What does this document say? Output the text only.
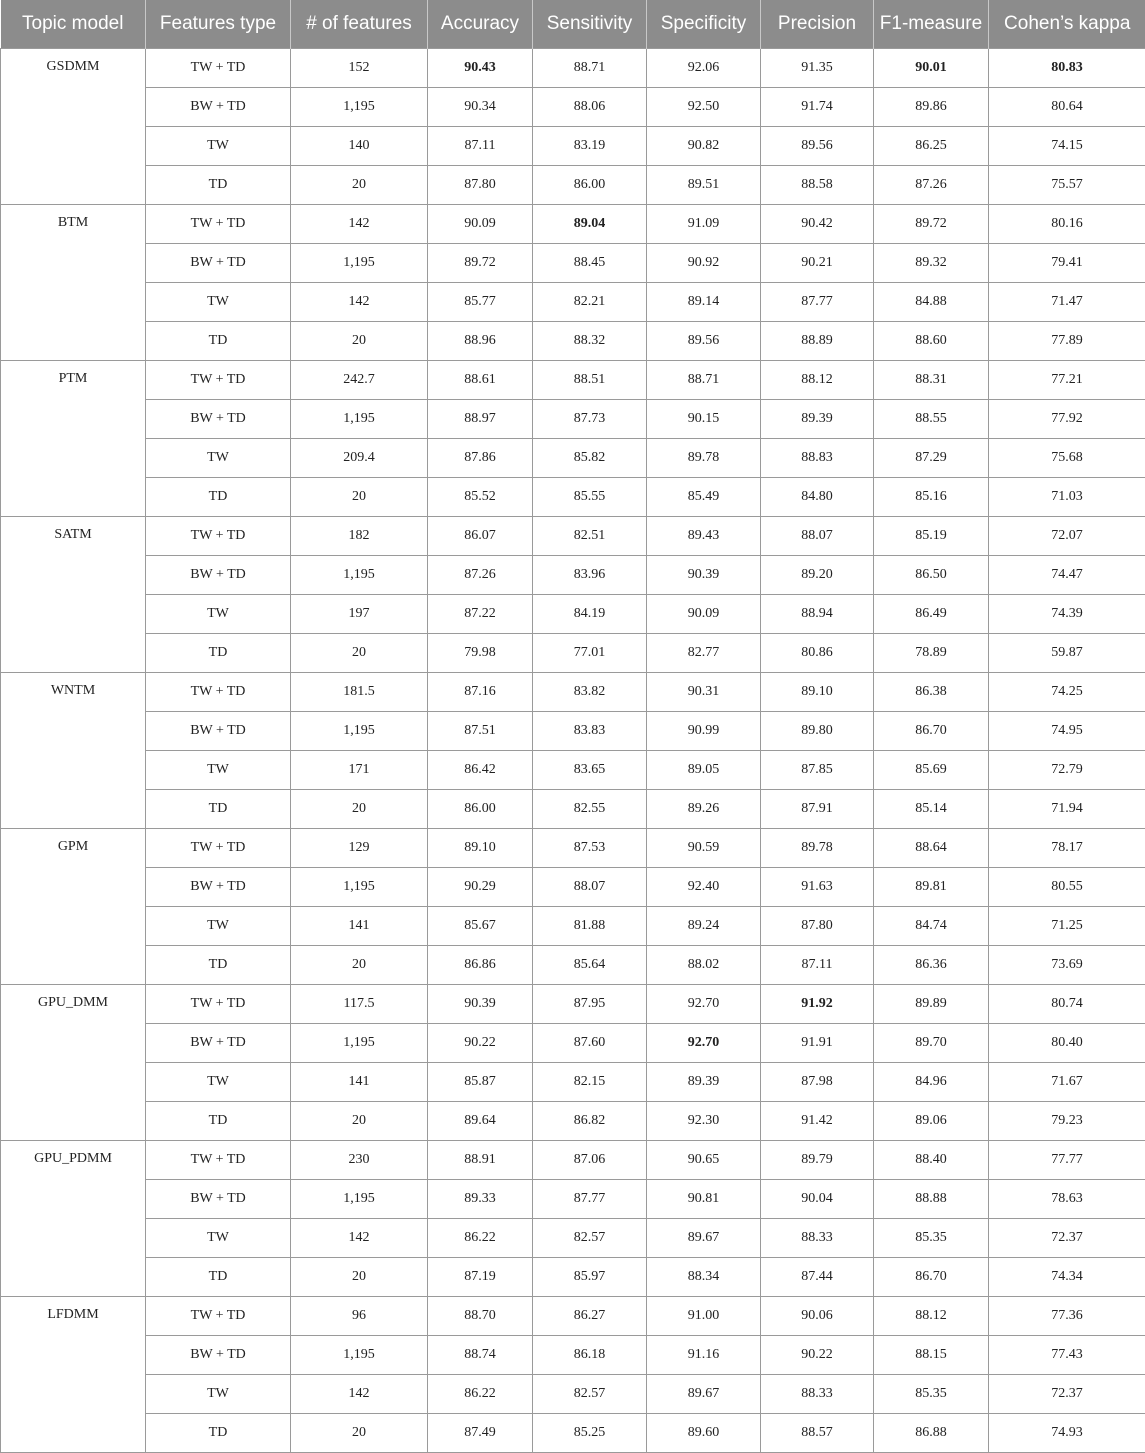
Topic model	Features type	# of features	Accuracy	Sensitivity	Specificity	Precision	F1-measure	Cohen’s kappa
GSDMM	TW + TD	152	90.43	88.71	92.06	91.35	90.01	80.83
	BW + TD	1,195	90.34	88.06	92.50	91.74	89.86	80.64
	TW	140	87.11	83.19	90.82	89.56	86.25	74.15
	TD	20	87.80	86.00	89.51	88.58	87.26	75.57
BTM	TW + TD	142	90.09	89.04	91.09	90.42	89.72	80.16
	BW + TD	1,195	89.72	88.45	90.92	90.21	89.32	79.41
	TW	142	85.77	82.21	89.14	87.77	84.88	71.47
	TD	20	88.96	88.32	89.56	88.89	88.60	77.89
PTM	TW + TD	242.7	88.61	88.51	88.71	88.12	88.31	77.21
	BW + TD	1,195	88.97	87.73	90.15	89.39	88.55	77.92
	TW	209.4	87.86	85.82	89.78	88.83	87.29	75.68
	TD	20	85.52	85.55	85.49	84.80	85.16	71.03
SATM	TW + TD	182	86.07	82.51	89.43	88.07	85.19	72.07
	BW + TD	1,195	87.26	83.96	90.39	89.20	86.50	74.47
	TW	197	87.22	84.19	90.09	88.94	86.49	74.39
	TD	20	79.98	77.01	82.77	80.86	78.89	59.87
WNTM	TW + TD	181.5	87.16	83.82	90.31	89.10	86.38	74.25
	BW + TD	1,195	87.51	83.83	90.99	89.80	86.70	74.95
	TW	171	86.42	83.65	89.05	87.85	85.69	72.79
	TD	20	86.00	82.55	89.26	87.91	85.14	71.94
GPM	TW + TD	129	89.10	87.53	90.59	89.78	88.64	78.17
	BW + TD	1,195	90.29	88.07	92.40	91.63	89.81	80.55
	TW	141	85.67	81.88	89.24	87.80	84.74	71.25
	TD	20	86.86	85.64	88.02	87.11	86.36	73.69
GPU_DMM	TW + TD	117.5	90.39	87.95	92.70	91.92	89.89	80.74
	BW + TD	1,195	90.22	87.60	92.70	91.91	89.70	80.40
	TW	141	85.87	82.15	89.39	87.98	84.96	71.67
	TD	20	89.64	86.82	92.30	91.42	89.06	79.23
GPU_PDMM	TW + TD	230	88.91	87.06	90.65	89.79	88.40	77.77
	BW + TD	1,195	89.33	87.77	90.81	90.04	88.88	78.63
	TW	142	86.22	82.57	89.67	88.33	85.35	72.37
	TD	20	87.19	85.97	88.34	87.44	86.70	74.34
LFDMM	TW + TD	96	88.70	86.27	91.00	90.06	88.12	77.36
	BW + TD	1,195	88.74	86.18	91.16	90.22	88.15	77.43
	TW	142	86.22	82.57	89.67	88.33	85.35	72.37
	TD	20	87.49	85.25	89.60	88.57	86.88	74.93
